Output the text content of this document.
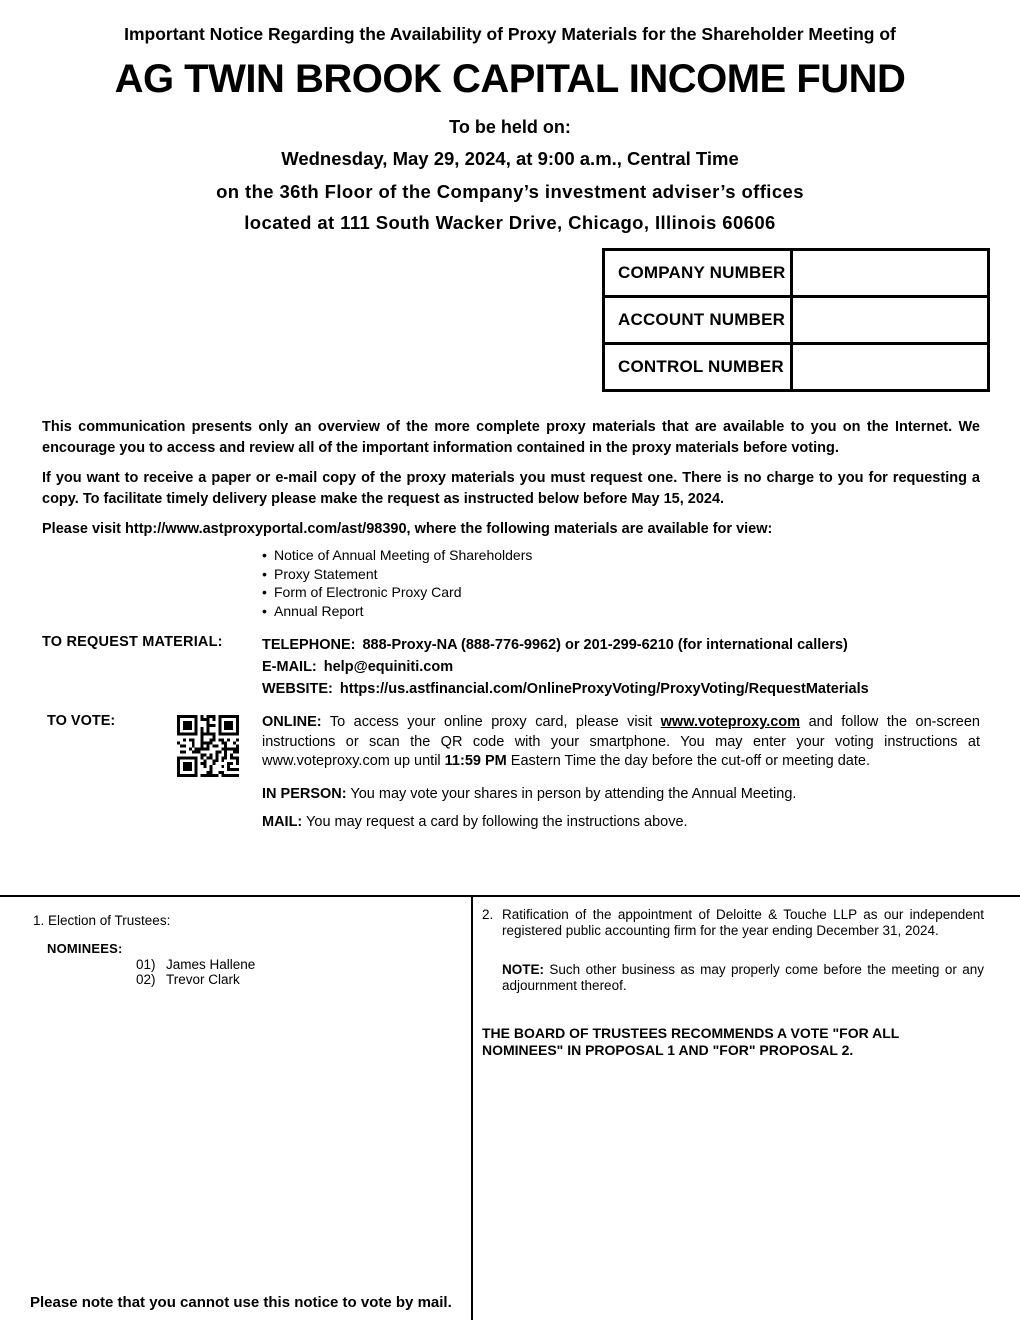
Important Notice Regarding the Availability of Proxy Materials for the Shareholder Meeting of
AG TWIN BROOK CAPITAL INCOME FUND
To be held on:
Wednesday, May 29, 2024, at 9:00 a.m., Central Time
on the 36th Floor of the Company’s investment adviser’s offices
located at 111 South Wacker Drive, Chicago, Illinois 60606
COMPANY NUMBER	
ACCOUNT NUMBER	
CONTROL NUMBER	

This communication presents only an overview of the more complete proxy materials that are available to you on the Internet. We encourage you to access and review all of the important information contained in the proxy materials before voting.

If you want to receive a paper or e-mail copy of the proxy materials you must request one. There is no charge to you for requesting a copy. To facilitate timely delivery please make the request as instructed below before May 15, 2024.

Please visit http://www.astproxyportal.com/ast/98390, where the following materials are available for view:

• Notice of Annual Meeting of Shareholders
• Proxy Statement
• Form of Electronic Proxy Card
• Annual Report
TO REQUEST MATERIAL:	TELEPHONE: 888-Proxy-NA (888-776-9962) or 201-299-6210 (for international callers)
E-MAIL: help@equiniti.com
WEBSITE: https://us.astfinancial.com/OnlineProxyVoting/ProxyVoting/RequestMaterials
TO VOTE:	ONLINE: To access your online proxy card, please visit www.voteproxy.com and follow the on-screen instructions or scan the QR code with your smartphone. You may enter your voting instructions at www.voteproxy.com up until 11:59 PM Eastern Time the day before the cut-off or meeting date.

IN PERSON: You may vote your shares in person by attending the Annual Meeting.

MAIL: You may request a card by following the instructions above.

1. Election of Trustees:
NOMINEES:
01) James Hallene
02) Trevor Clark
Please note that you cannot use this notice to vote by mail.
2. Ratification of the appointment of Deloitte & Touche LLP as our independent registered public accounting firm for the year ending December 31, 2024.

NOTE: Such other business as may properly come before the meeting or any adjournment thereof.

THE BOARD OF TRUSTEES RECOMMENDS A VOTE "FOR ALL NOMINEES" IN PROPOSAL 1 AND "FOR" PROPOSAL 2.
